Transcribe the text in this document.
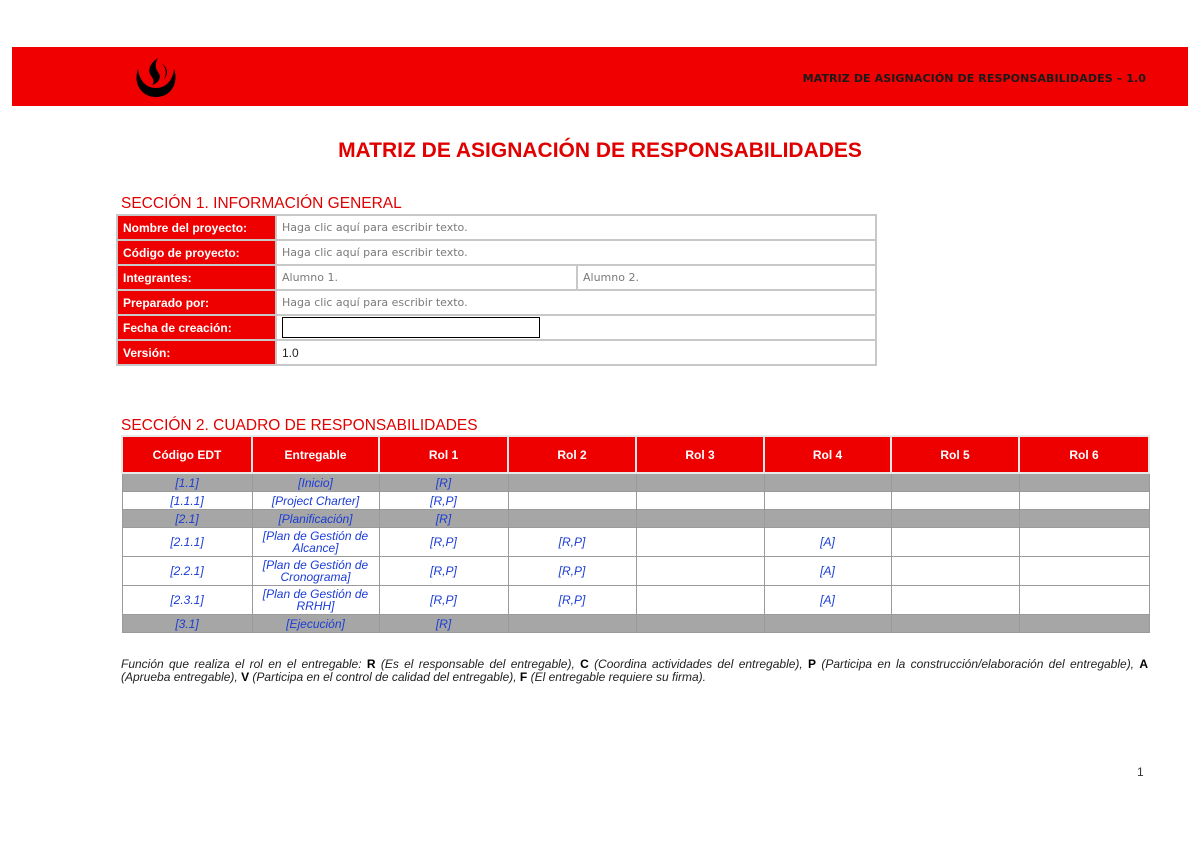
MATRIZ DE ASIGNACIÓN DE RESPONSABILIDADES – 1.0
MATRIZ DE ASIGNACIÓN DE RESPONSABILIDADES
SECCIÓN 1. INFORMACIÓN GENERAL
Nombre del proyecto:	Haga clic aquí para escribir texto.	
Código de proyecto:	Haga clic aquí para escribir texto.	
Integrantes:	Alumno 1.	Alumno 2.
Preparado por:	Haga clic aquí para escribir texto.	
Fecha de creación:		
Versión:	1.0	
SECCIÓN 2. CUADRO DE RESPONSABILIDADES
Código EDT	Entregable	Rol 1	Rol 2	Rol 3	Rol 4	Rol 5	Rol 6
[1.1]	[Inicio]	[R]					
[1.1.1]	[Project Charter]	[R,P]					
[2.1]	[Planificación]	[R]					
[2.1.1]	[Plan de Gestión de Alcance]	[R,P]	[R,P]		[A]		
[2.2.1]	[Plan de Gestión de Cronograma]	[R,P]	[R,P]		[A]		
[2.3.1]	[Plan de Gestión de RRHH]	[R,P]	[R,P]		[A]		
[3.1]	[Ejecución]	[R]					
Función que realiza el rol en el entregable: R (Es el responsable del entregable), C (Coordina actividades del entregable), P (Participa en la construcción/elaboración del entregable), A (Aprueba entregable), V (Participa en el control de calidad del entregable), F (El entregable requiere su firma).
1
